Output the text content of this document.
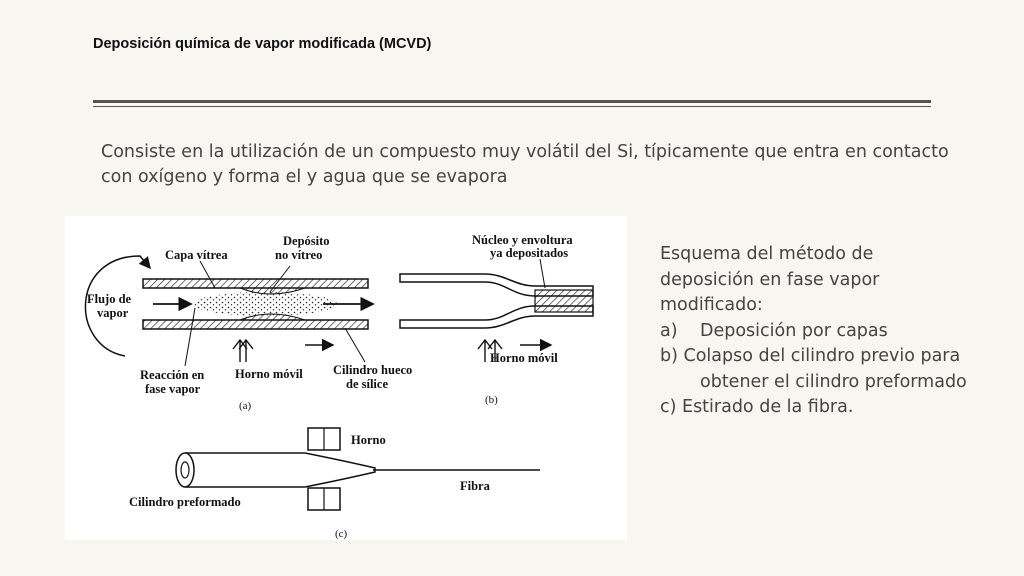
Deposición química de vapor modificada (MCVD)
Consiste en la utilización de un compuesto muy volátil del Si, típicamente que entra en contacto con oxígeno y forma el y agua que se evapora
Capa vítrea
Depósito
no vítreo
Flujo de
vapor
Reacción en
fase vapor
Horno móvil Cilindro hueco
de sílice
(a)
Núcleo y envoltura
ya depositados
Horno móvil
(b)
Horno
Fibra
Cilindro preformado
(c)
Esquema del método de
deposición en fase vapor
modificado:
a) Deposición por capas
b) Colapso del cilindro previo para
obtener el cilindro preformado
c) Estirado de la fibra.
